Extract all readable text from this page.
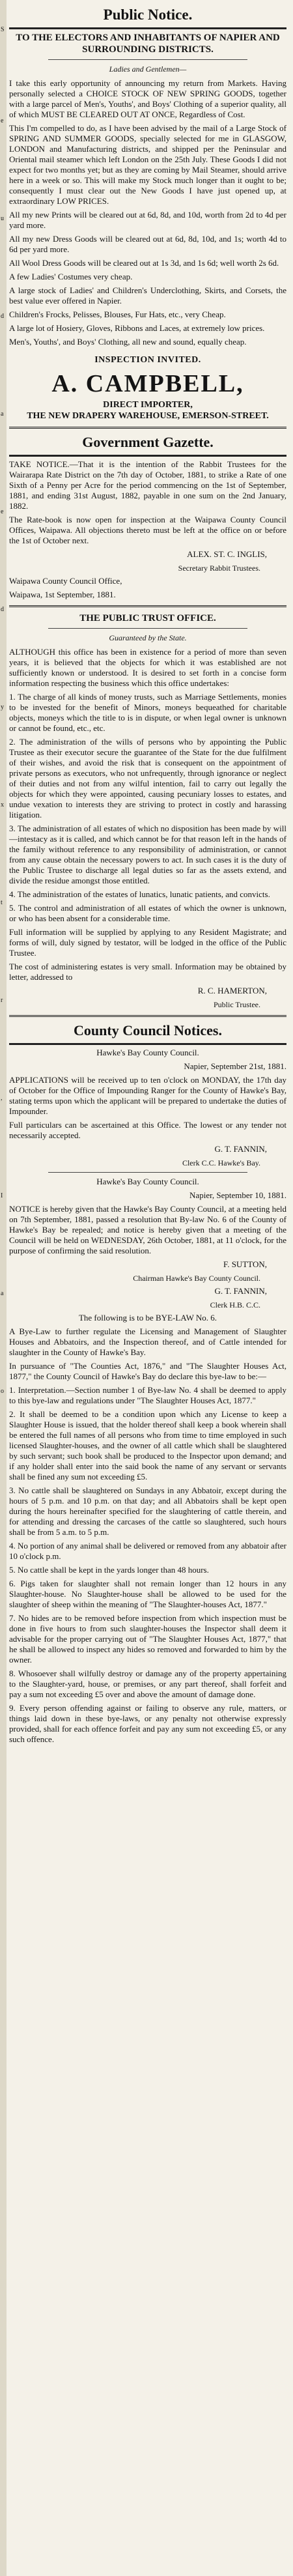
S
e
u
d
a
e
d
y
x
t
r
,
I
a
o
Public Notice.
TO THE ELECTORS AND INHABITANTS OF NAPIER AND SURROUNDING DISTRICTS.

Ladies and Gentlemen—

I take this early opportunity of announcing my return from Markets. Having personally selected a CHOICE STOCK OF NEW SPRING GOODS, together with a large parcel of Men's, Youths', and Boys' Clothing of a superior quality, all of which MUST BE CLEARED OUT AT ONCE, Regardless of Cost.

This I'm compelled to do, as I have been advised by the mail of a Large Stock of SPRING AND SUMMER GOODS, specially selected for me in GLASGOW, LONDON and Manufacturing districts, and shipped per the Peninsular and Oriental mail steamer which left London on the 25th July. These Goods I did not expect for two months yet; but as they are coming by Mail Steamer, should arrive here in a week or so. This will make my Stock much longer than it ought to be; consequently I must clear out the New Goods I have just opened up, at extraordinary LOW PRICES.

All my new Prints will be cleared out at 6d, 8d, and 10d, worth from 2d to 4d per yard more.

All my new Dress Goods will be cleared out at 6d, 8d, 10d, and 1s; worth 4d to 6d per yard more.

All Wool Dress Goods will be cleared out at 1s 3d, and 1s 6d; well worth 2s 6d.

A few Ladies' Costumes very cheap.

A large stock of Ladies' and Children's Underclothing, Skirts, and Corsets, the best value ever offered in Napier.

Children's Frocks, Pelisses, Blouses, Fur Hats, etc., very Cheap.

A large lot of Hosiery, Gloves, Ribbons and Laces, at extremely low prices.

Men's, Youths', and Boys' Clothing, all new and sound, equally cheap.

INSPECTION INVITED.
A. CAMPBELL,
DIRECT IMPORTER,
THE NEW DRAPERY WAREHOUSE, EMERSON-STREET.
Government Gazette.

TAKE NOTICE.—That it is the intention of the Rabbit Trustees for the Wairarapa Rate District on the 7th day of October, 1881, to strike a Rate of one Sixth of a Penny per Acre for the period commencing on the 1st of September, 1881, and ending 31st August, 1882, payable in one sum on the 2nd January, 1882.

The Rate-book is now open for inspection at the Waipawa County Council Offices, Waipawa. All objections thereto must be left at the office on or before the 1st of October next.

ALEX. ST. C. INGLIS,
Secretary Rabbit Trustees.

Waipawa County Council Office,

Waipawa, 1st September, 1881.

THE PUBLIC TRUST OFFICE.

Guaranteed by the State.

ALTHOUGH this office has been in existence for a period of more than seven years, it is believed that the objects for which it was established are not sufficiently known or understood. It is desired to set forth in a concise form information respecting the business which this office undertakes:

1. The charge of all kinds of money trusts, such as Marriage Settlements, monies to be invested for the benefit of Minors, moneys bequeathed for charitable objects, moneys which the title to is in dispute, or when legal owner is unknown or cannot be found, etc., etc.

2. The administration of the wills of persons who by appointing the Public Trustee as their executor secure the guarantee of the State for the due fulfilment of their wishes, and avoid the risk that is consequent on the appointment of private persons as executors, who not unfrequently, through ignorance or neglect of their duties and not from any wilful intention, fail to carry out legally the objects for which they were appointed, causing pecuniary losses to estates, and undue vexation to interests they are striving to protect in costly and harassing litigation.

3. The administration of all estates of which no disposition has been made by will—intestacy as it is called, and which cannot be for that reason left in the hands of the family without reference to any responsibility of administration, or cannot from any cause obtain the necessary powers to act. In such cases it is the duty of the Public Trustee to discharge all legal duties so far as the assets extend, and divide the residue amongst those entitled.

4. The administration of the estates of lunatics, lunatic patients, and convicts.

5. The control and administration of all estates of which the owner is unknown, or who has been absent for a considerable time.

Full information will be supplied by applying to any Resident Magistrate; and forms of will, duly signed by testator, will be lodged in the office of the Public Trustee.

The cost of administering estates is very small. Information may be obtained by letter, addressed to

R. C. HAMERTON,
Public Trustee.
County Council Notices.

Hawke's Bay County Council.

Napier, September 21st, 1881.

APPLICATIONS will be received up to ten o'clock on MONDAY, the 17th day of October for the Office of Impounding Ranger for the County of Hawke's Bay, stating terms upon which the applicant will be prepared to undertake the duties of Impounder.

Full particulars can be ascertained at this Office. The lowest or any tender not necessarily accepted.

G. T. FANNIN,
Clerk C.C. Hawke's Bay.

Hawke's Bay County Council.

Napier, September 10, 1881.

NOTICE is hereby given that the Hawke's Bay County Council, at a meeting held on 7th September, 1881, passed a resolution that By-law No. 6 of the County of Hawke's Bay be repealed; and notice is hereby given that a meeting of the Council will be held on WEDNESDAY, 26th October, 1881, at 11 o'clock, for the purpose of confirming the said resolution.

F. SUTTON,
Chairman Hawke's Bay County Council.
G. T. FANNIN,
Clerk H.B. C.C.

The following is to be BYE-LAW No. 6.

A Bye-Law to further regulate the Licensing and Management of Slaughter Houses and Abbatoirs, and the Inspection thereof, and of Cattle intended for slaughter in the County of Hawke's Bay.

In pursuance of "The Counties Act, 1876," and "The Slaughter Houses Act, 1877," the County Council of Hawke's Bay do declare this bye-law to be:—

1. Interpretation.—Section number 1 of Bye-law No. 4 shall be deemed to apply to this bye-law and regulations under "The Slaughter Houses Act, 1877."

2. It shall be deemed to be a condition upon which any License to keep a Slaughter House is issued, that the holder thereof shall keep a book wherein shall be entered the full names of all persons who from time to time employed in such licensed Slaughter-houses, and the owner of all cattle which shall be slaughtered by such servant; such book shall be produced to the Inspector upon demand; and if any holder shall enter into the said book the name of any servant or servants shall be fined any sum not exceeding £5.

3. No cattle shall be slaughtered on Sundays in any Abbatoir, except during the hours of 5 p.m. and 10 p.m. on that day; and all Abbatoirs shall be kept open during the hours hereinafter specified for the slaughtering of cattle therein, and for attending and dressing the carcases of the cattle so slaughtered, such hours shall be from 5 a.m. to 5 p.m.

4. No portion of any animal shall be delivered or removed from any abbatoir after 10 o'clock p.m.

5. No cattle shall be kept in the yards longer than 48 hours.

6. Pigs taken for slaughter shall not remain longer than 12 hours in any Slaughter-house. No Slaughter-house shall be allowed to be used for the slaughter of sheep within the meaning of "The Slaughter-houses Act, 1877."

7. No hides are to be removed before inspection from which inspection must be done in five hours to from such slaughter-houses the Inspector shall deem it advisable for the proper carrying out of "The Slaughter Houses Act, 1877," that he shall be allowed to inspect any hides so removed and forwarded to him by the owner.

8. Whosoever shall wilfully destroy or damage any of the property appertaining to the Slaughter-yard, house, or premises, or any part thereof, shall forfeit and pay a sum not exceeding £5 over and above the amount of damage done.

9. Every person offending against or failing to observe any rule, matters, or things laid down in these bye-laws, or any penalty not otherwise expressly provided, shall for each offence forfeit and pay any sum not exceeding £5, or any such offence.
